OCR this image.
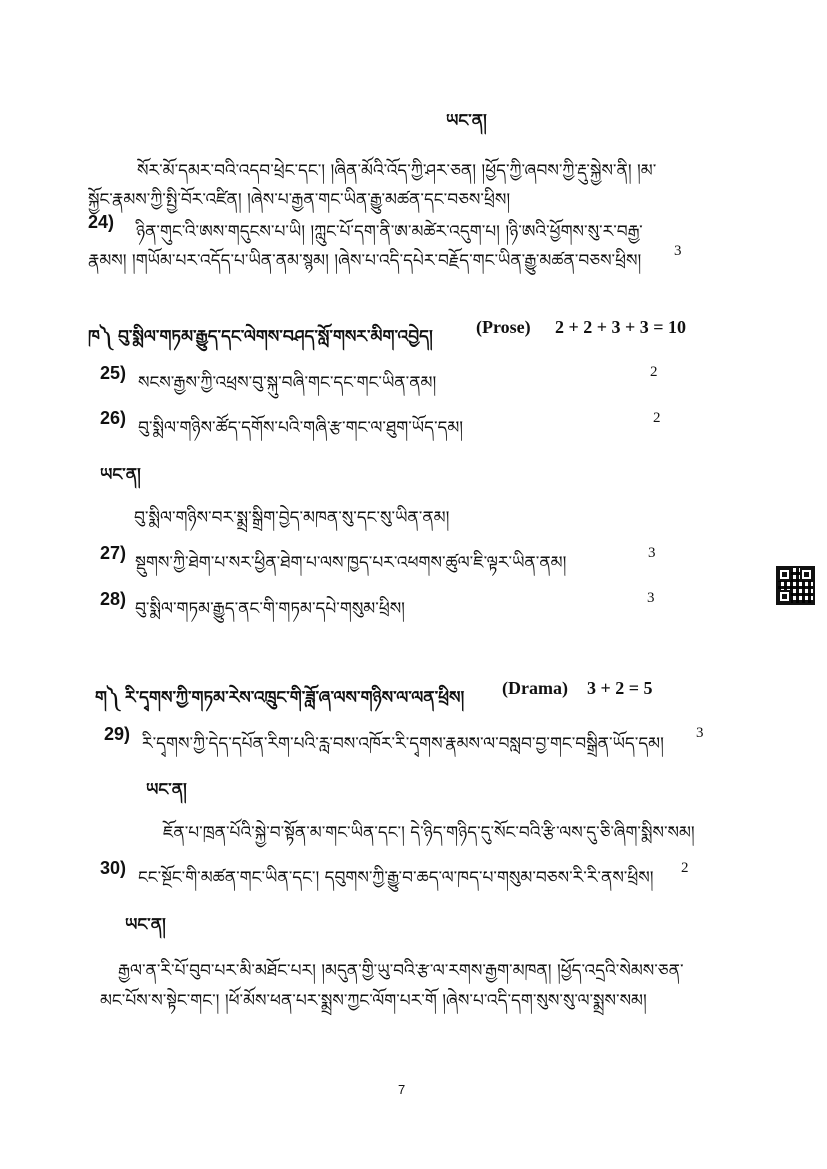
ཡང་ན།
སོར་མོ་དམར་བའི་འདབ་ཕྲེང་དང་། །ཞིན་མོའི་འོད་ཀྱི་ཤར་ཅན། །ཕྱོད་ཀྱི་ཞབས་ཀྱི་རྡུ་སྐྱེས་ནི། །མ་
སྐྱོང་རྣམས་ཀྱི་སྤྱི་བོར་འཛིན། །ཞེས་པ་རྒྱན་གང་ཡིན་རྒྱུ་མཚན་དང་བཅས་ཕྲིས།
24) ཉིན་གུང་འི་ཨས་གདུངས་པ་ཡི། །ཀླུང་པོ་དག་ནི་ཨ་མཚེར་འདུག་པ། །ཉི་ཨའི་ཕྱོགས་སུ་ར་བརྒྱ་
རྣམས། །གཡོམ་པར་འདོད་པ་ཡིན་ནམ་སྙམ། །ཞེས་པ་འདི་དཔེར་བརྗོད་གང་ཡིན་རྒྱུ་མཚན་བཅས་ཕྲིས། 3
ཁ༽ བུ་སྨིལ་གཏམ་རྒྱུད་དང་ལེགས་བཤད་སློ་གསར་མིག་འབྱེད། (Prose) 2 + 2 + 3 + 3 = 10
25) སངས་རྒྱས་ཀྱི་འཕྲས་བུ་སྐུ་བཞི་གང་དང་གང་ཡིན་ནམ།
2
26) བུ་སྨིལ་གཉིས་ཚོད་དགོས་པའི་གཞི་རྩ་གང་ལ་ཐུག་ཡོད་དམ།	2
ཡང་ན།
བུ་སྨིལ་གཉིས་བར་སྨྲ་སྒྲིག་བྱེད་མཁན་སུ་དང་སུ་ཡིན་ནམ།
27) སྡུགས་ཀྱི་ཐེག་པ་སར་ཕྱིན་ཐེག་པ་ལས་ཁྱད་པར་འཕགས་ཚུལ་ཇི་ལྟར་ཡིན་ནམ།	3
28) བུ་སྨིལ་གཏམ་རྒྱུད་ནང་གི་གཏམ་དཔེ་གསུམ་ཕྲིས།
3
ག༽ རི་དྭགས་ཀྱི་གཏམ་རེས་འཁྲུང་གི་ཟློ་ཞ་ལས་གཉིས་ལ་ལན་ཕྲིས། (Drama) 3 + 2 = 5
29) རི་དྭགས་ཀྱི་དེད་དཔོན་རིག་པའི་རླ་བས་འཁོར་རི་དྭགས་རྣམས་ལ་བསླབ་བྱ་གང་བསྒྲིན་ཡོད་དམ།
3
ཡང་ན།
ཇོན་པ་ཁྲན་པོའི་སྐྱེ་བ་སྟོན་མ་གང་ཡིན་དང་། དེ་ཉིད་གཉིད་དུ་སོང་བའི་རྩི་ལས་དུ་ཅི་ཞིག་སྨིས་སམ།
30) ངང་སྔོང་གི་མཚན་གང་ཡིན་དང་། དབུགས་ཀྱི་རྒྱུ་བ་ཆད་ལ་ཁད་པ་གསུམ་བཅས་རི་རི་ནས་ཕྲིས། 2
ཡང་ན།
རྒྱལ་ན་རི་པོ་བུབ་པར་མི་མཐོང་པར། །མདུན་གྱི་ཡུ་བའི་རྩ་ལ་རགས་རྒྱག་མཁན། །ཕྱོད་འདྲའི་སེམས་ཅན་
མང་པོས་ས་སྟེང་གང་། །ཕོ་མོས་ཕན་པར་སྨྲས་ཀྱང་ལོག་པར་གོ །ཞེས་པ་འདི་དག་སུས་སུ་ལ་སྨྲས་སམ།
7
